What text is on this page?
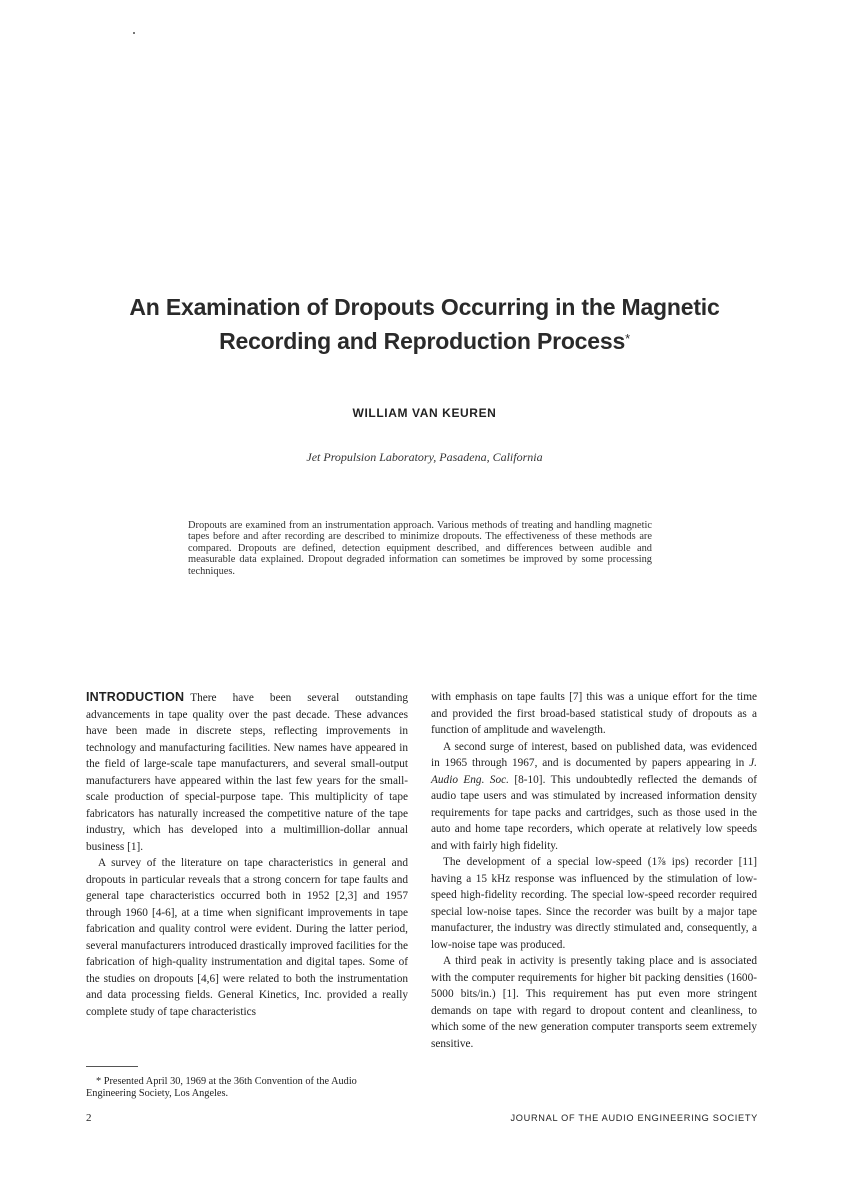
An Examination of Dropouts Occurring in the Magnetic
Recording and Reproduction Process*
WILLIAM VAN KEUREN
Jet Propulsion Laboratory, Pasadena, California
Dropouts are examined from an instrumentation approach. Various methods of treating and handling magnetic tapes before and after recording are described to minimize dropouts. The effectiveness of these methods are compared. Dropouts are defined, detection equipment described, and differences between audible and measurable data explained. Dropout degraded information can sometimes be improved by some processing techniques.

INTRODUCTION There have been several outstanding advancements in tape quality over the past decade. These advances have been made in discrete steps, reflecting improvements in technology and manufacturing facilities. New names have appeared in the field of large-scale tape manufacturers, and several small-output manufacturers have appeared within the last few years for the small-scale production of special-purpose tape. This multiplicity of tape fabricators has naturally increased the competitive nature of the tape industry, which has developed into a multimillion-dollar annual business [1].

A survey of the literature on tape characteristics in general and dropouts in particular reveals that a strong concern for tape faults and general tape characteristics occurred both in 1952 [2,3] and 1957 through 1960 [4-6], at a time when significant improvements in tape fabrication and quality control were evident. During the latter period, several manufacturers introduced drastically improved facilities for the fabrication of high-quality instrumentation and digital tapes. Some of the studies on dropouts [4,6] were related to both the instrumentation and data processing fields. General Kinetics, Inc. provided a really complete study of tape characteristics

with emphasis on tape faults [7] this was a unique effort for the time and provided the first broad-based statistical study of dropouts as a function of amplitude and wavelength.

A second surge of interest, based on published data, was evidenced in 1965 through 1967, and is documented by papers appearing in J. Audio Eng. Soc. [8-10]. This undoubtedly reflected the demands of audio tape users and was stimulated by increased information density requirements for tape packs and cartridges, such as those used in the auto and home tape recorders, which operate at relatively low speeds and with fairly high fidelity.

The development of a special low-speed (1⅞ ips) recorder [11] having a 15 kHz response was influenced by the stimulation of low-speed high-fidelity recording. The special low-speed recorder required special low-noise tapes. Since the recorder was built by a major tape manufacturer, the industry was directly stimulated and, consequently, a low-noise tape was produced.

A third peak in activity is presently taking place and is associated with the computer requirements for higher bit packing densities (1600-5000 bits/in.) [1]. This requirement has put even more stringent demands on tape with regard to dropout content and cleanliness, to which some of the new generation computer transports seem extremely sensitive.

* Presented April 30, 1969 at the 36th Convention of the Audio Engineering Society, Los Angeles.
2	JOURNAL OF THE AUDIO ENGINEERING SOCIETY
